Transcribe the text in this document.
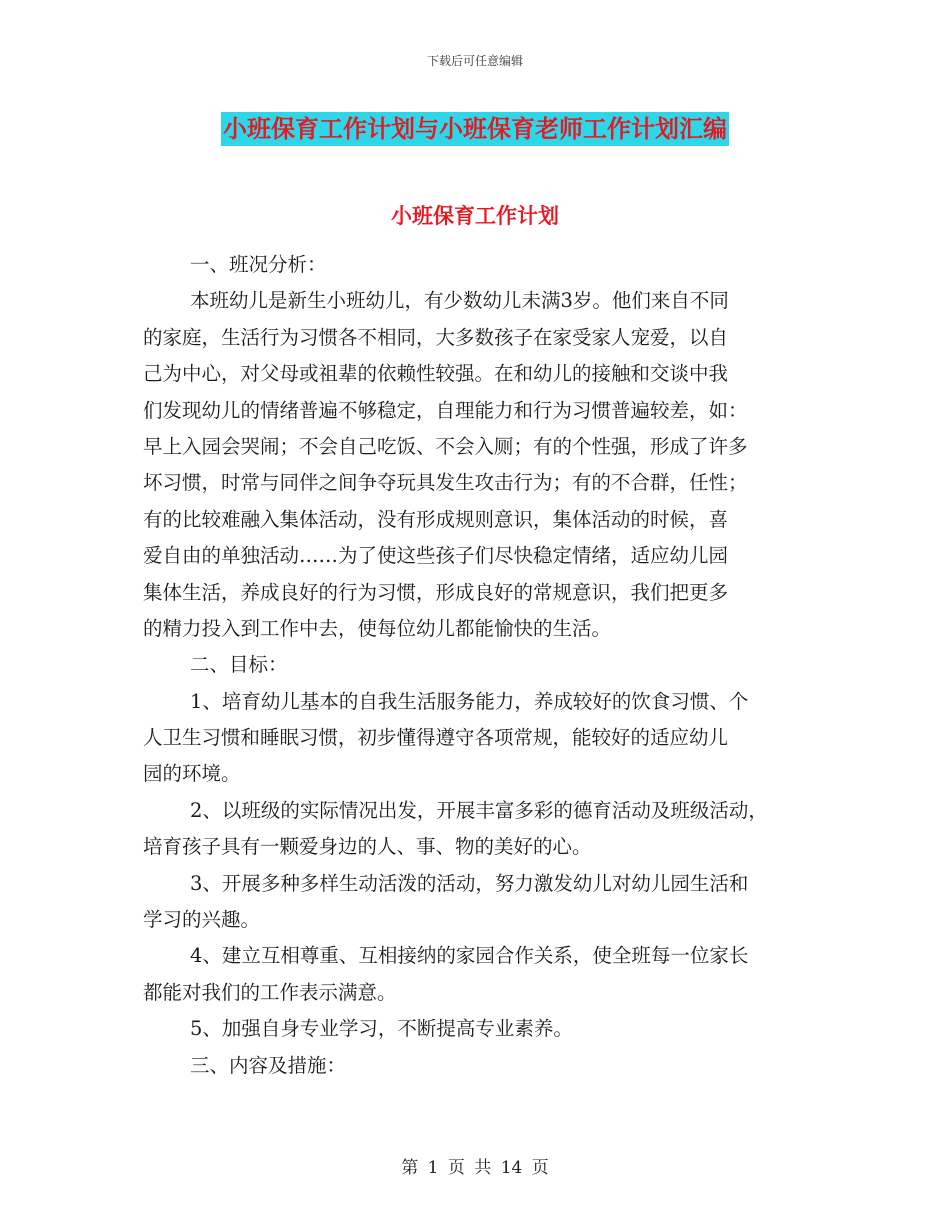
下载后可任意编辑
小班保育工作计划与小班保育老师工作计划汇编
小班保育工作计划
一、班况分析：
本班幼儿是新生小班幼儿，有少数幼儿未满3岁。他们来自不同
的家庭，生活行为习惯各不相同，大多数孩子在家受家人宠爱，以自
己为中心，对父母或祖辈的依赖性较强。在和幼儿的接触和交谈中我
们发现幼儿的情绪普遍不够稳定，自理能力和行为习惯普遍较差，如：
早上入园会哭闹；不会自己吃饭、不会入厕；有的个性强，形成了许多
坏习惯，时常与同伴之间争夺玩具发生攻击行为；有的不合群，任性；
有的比较难融入集体活动，没有形成规则意识，集体活动的时候，喜
爱自由的单独活动……为了使这些孩子们尽快稳定情绪，适应幼儿园
集体生活，养成良好的行为习惯，形成良好的常规意识，我们把更多
的精力投入到工作中去，使每位幼儿都能愉快的生活。
二、目标：
1、培育幼儿基本的自我生活服务能力，养成较好的饮食习惯、个
人卫生习惯和睡眠习惯，初步懂得遵守各项常规，能较好的适应幼儿
园的环境。
2、以班级的实际情况出发，开展丰富多彩的德育活动及班级活动，
培育孩子具有一颗爱身边的人、事、物的美好的心。
3、开展多种多样生动活泼的活动，努力激发幼儿对幼儿园生活和
学习的兴趣。
4、建立互相尊重、互相接纳的家园合作关系，使全班每一位家长
都能对我们的工作表示满意。
5、加强自身专业学习，不断提高专业素养。
三、内容及措施：
第 1 页 共 14 页
